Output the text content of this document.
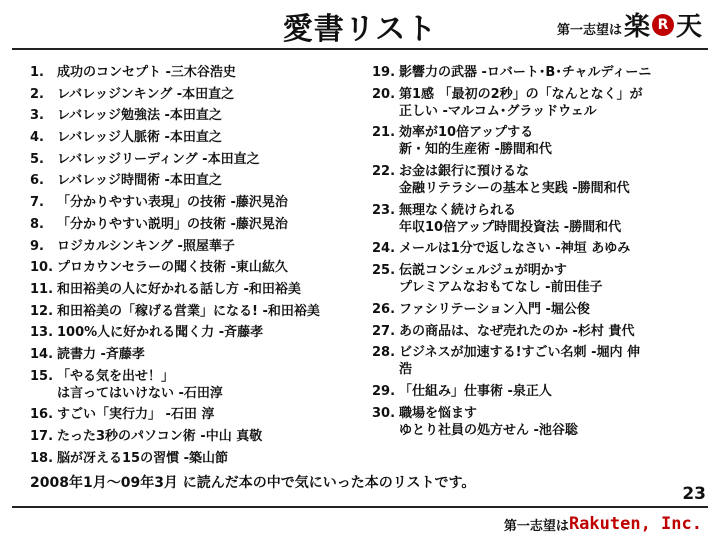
愛書リスト	第一志望は 楽 R 天
1.	成功のコンセプト -三木谷浩史
2.	レバレッジンキング -本田直之
3.	レバレッジ勉強法 -本田直之
4.	レバレッジ人脈術 -本田直之
5.	レバレッジリーディング -本田直之
6.	レバレッジ時間術 -本田直之
7.	「分かりやすい表現」の技術 -藤沢晃治
8.	「分かりやすい説明」の技術 -藤沢晃治
9.	ロジカルシンキング -照屋華子
10. プロカウンセラーの聞く技術 -東山紘久
11. 和田裕美の人に好かれる話し方 -和田裕美
12. 和田裕美の「稼げる営業」になる! -和田裕美
13. 100%人に好かれる聞く力 -斉藤孝
14. 読書力 -斉藤孝
15. 「やる気を出せ！」
は言ってはいけない -石田淳
16. すごい「実行力」 -石田 淳
17. たった3秒のパソコン術 -中山 真敬
18. 脳が冴える15の習慣 -築山節
19. 影響力の武器 -ロバート･B･チャルディーニ
20. 第1感 「最初の2秒」の「なんとなく」が
正しい -マルコム･グラッドウェル
21. 効率が10倍アップする
新・知的生産術 -勝間和代
22. お金は銀行に預けるな
金融リテラシーの基本と実践 -勝間和代
23. 無理なく続けられる
年収10倍アップ時間投資法 -勝間和代
24. メールは1分で返しなさい -神垣 あゆみ
25. 伝説コンシェルジュが明かす
プレミアムなおもてなし -前田佳子
26. ファシリテーション入門 -堀公俊
27. あの商品は、なぜ売れたのか -杉村 貴代
28. ビジネスが加速する!すごい名刺 -堀内 伸
浩
29. 「仕組み」仕事術 -泉正人
30. 職場を悩ます
ゆとり社員の処方せん -池谷聡
2008年1月～09年3月 に読んだ本の中で気にいった本のリストです。
23
第一志望は Rakuten, Inc.
